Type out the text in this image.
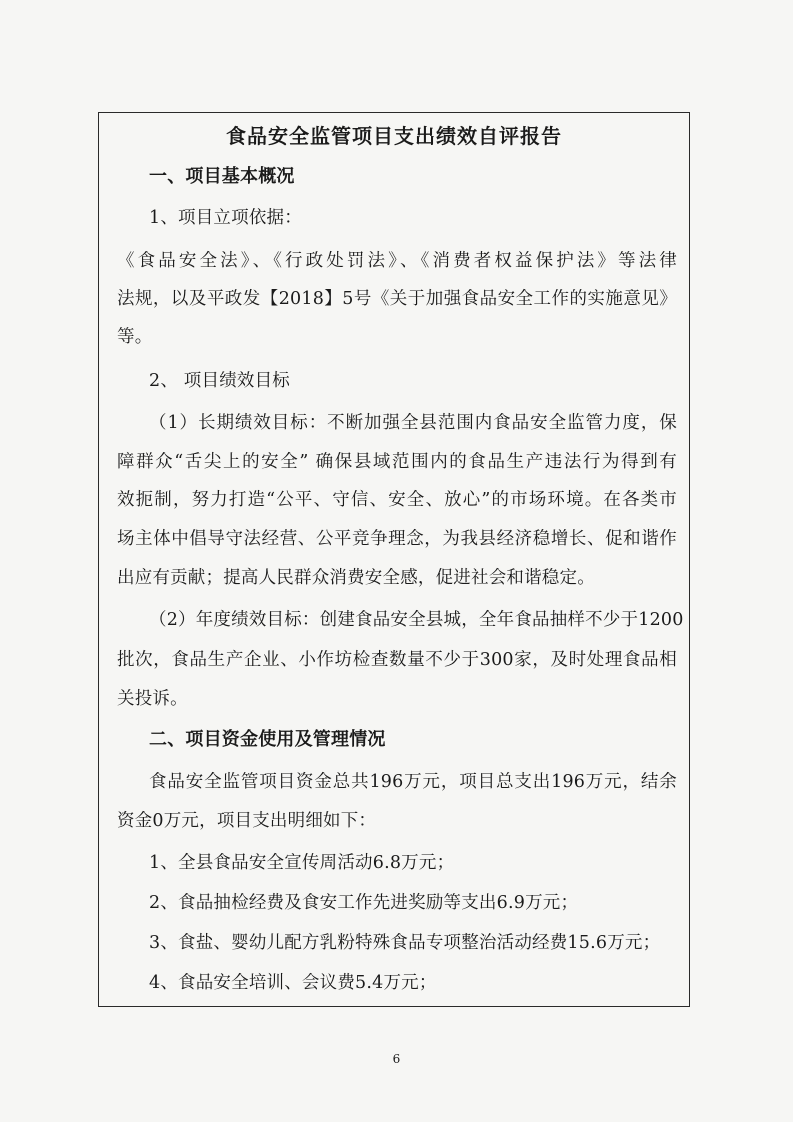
食品安全监管项目支出绩效自评报告
一、项目基本概况
1、项目立项依据：
《食品安全法》、《行政处罚法》、《消费者权益保护法》等法律
法规，以及平政发【2018】5号《关于加强食品安全工作的实施意见》
等。
2、 项目绩效目标
（1）长期绩效目标：不断加强全县范围内食品安全监管力度，保
障群众“舌尖上的安全” 确保县域范围内的食品生产违法行为得到有
效扼制，努力打造“公平、守信、安全、放心”的市场环境。在各类市
场主体中倡导守法经营、公平竞争理念，为我县经济稳增长、促和谐作
出应有贡献；提高人民群众消费安全感，促进社会和谐稳定。
（2）年度绩效目标：创建食品安全县城，全年食品抽样不少于1200
批次，食品生产企业、小作坊检查数量不少于300家，及时处理食品相
关投诉。
二、项目资金使用及管理情况
食品安全监管项目资金总共196万元，项目总支出196万元，结余
资金0万元，项目支出明细如下：
1、全县食品安全宣传周活动6.8万元；
2、食品抽检经费及食安工作先进奖励等支出6.9万元；
3、食盐、婴幼儿配方乳粉特殊食品专项整治活动经费15.6万元；
4、食品安全培训、会议费5.4万元；
6
